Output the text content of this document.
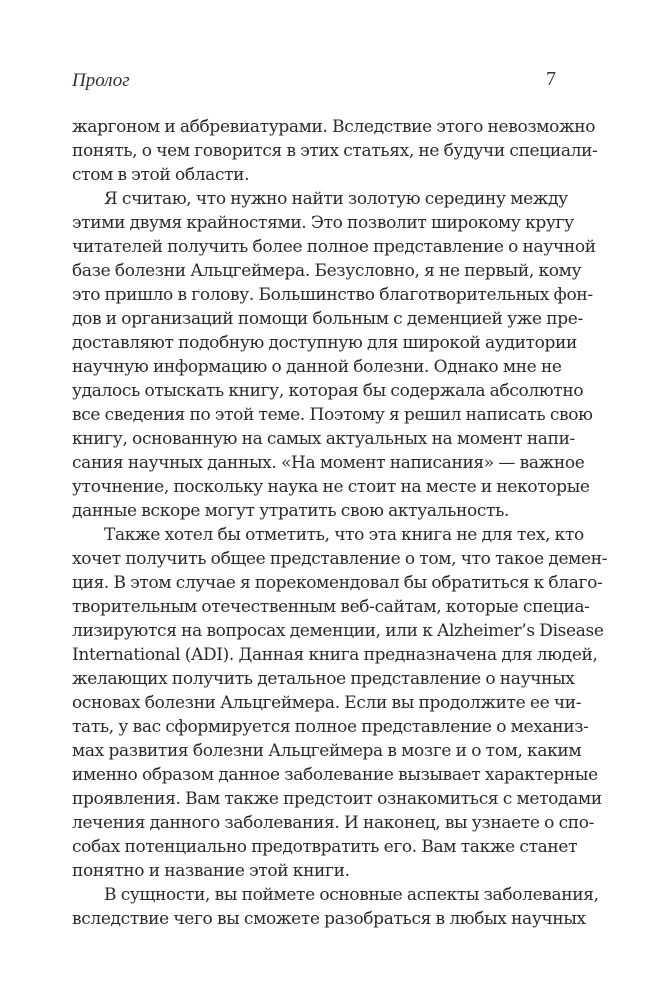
Пролог	7
жаргоном и аббревиатурами. Вследствие этого невозможно
понять, о чем говорится в этих статьях, не будучи специали-
стом в этой области.
Я считаю, что нужно найти золотую середину между
этими двумя крайностями. Это позволит широкому кругу
читателей получить более полное представление о научной
базе болезни Альцгеймера. Безусловно, я не первый, кому
это пришло в голову. Большинство благотворительных фон-
дов и организаций помощи больным с деменцией уже пре-
доставляют подобную доступную для широкой аудитории
научную информацию о данной болезни. Однако мне не
удалось отыскать книгу, которая бы содержала абсолютно
все сведения по этой теме. Поэтому я решил написать свою
книгу, основанную на самых актуальных на момент напи-
сания научных данных. «На момент написания» — важное
уточнение, поскольку наука не стоит на месте и некоторые
данные вскоре могут утратить свою актуальность.
Также хотел бы отметить, что эта книга не для тех, кто
хочет получить общее представление о том, что такое демен-
ция. В этом случае я порекомендовал бы обратиться к благо-
творительным отечественным веб-сайтам, которые специа-
лизируются на вопросах деменции, или к Alzheimer’s Disease
International (ADI). Данная книга предназначена для людей,
желающих получить детальное представление о научных
основах болезни Альцгеймера. Если вы продолжите ее чи-
тать, у вас сформируется полное представление о механиз-
мах развития болезни Альцгеймера в мозге и о том, каким
именно образом данное заболевание вызывает характерные
проявления. Вам также предстоит ознакомиться с методами
лечения данного заболевания. И наконец, вы узнаете о спо-
собах потенциально предотвратить его. Вам также станет
понятно и название этой книги.
В сущности, вы поймете основные аспекты заболевания,
вследствие чего вы сможете разобраться в любых научных
